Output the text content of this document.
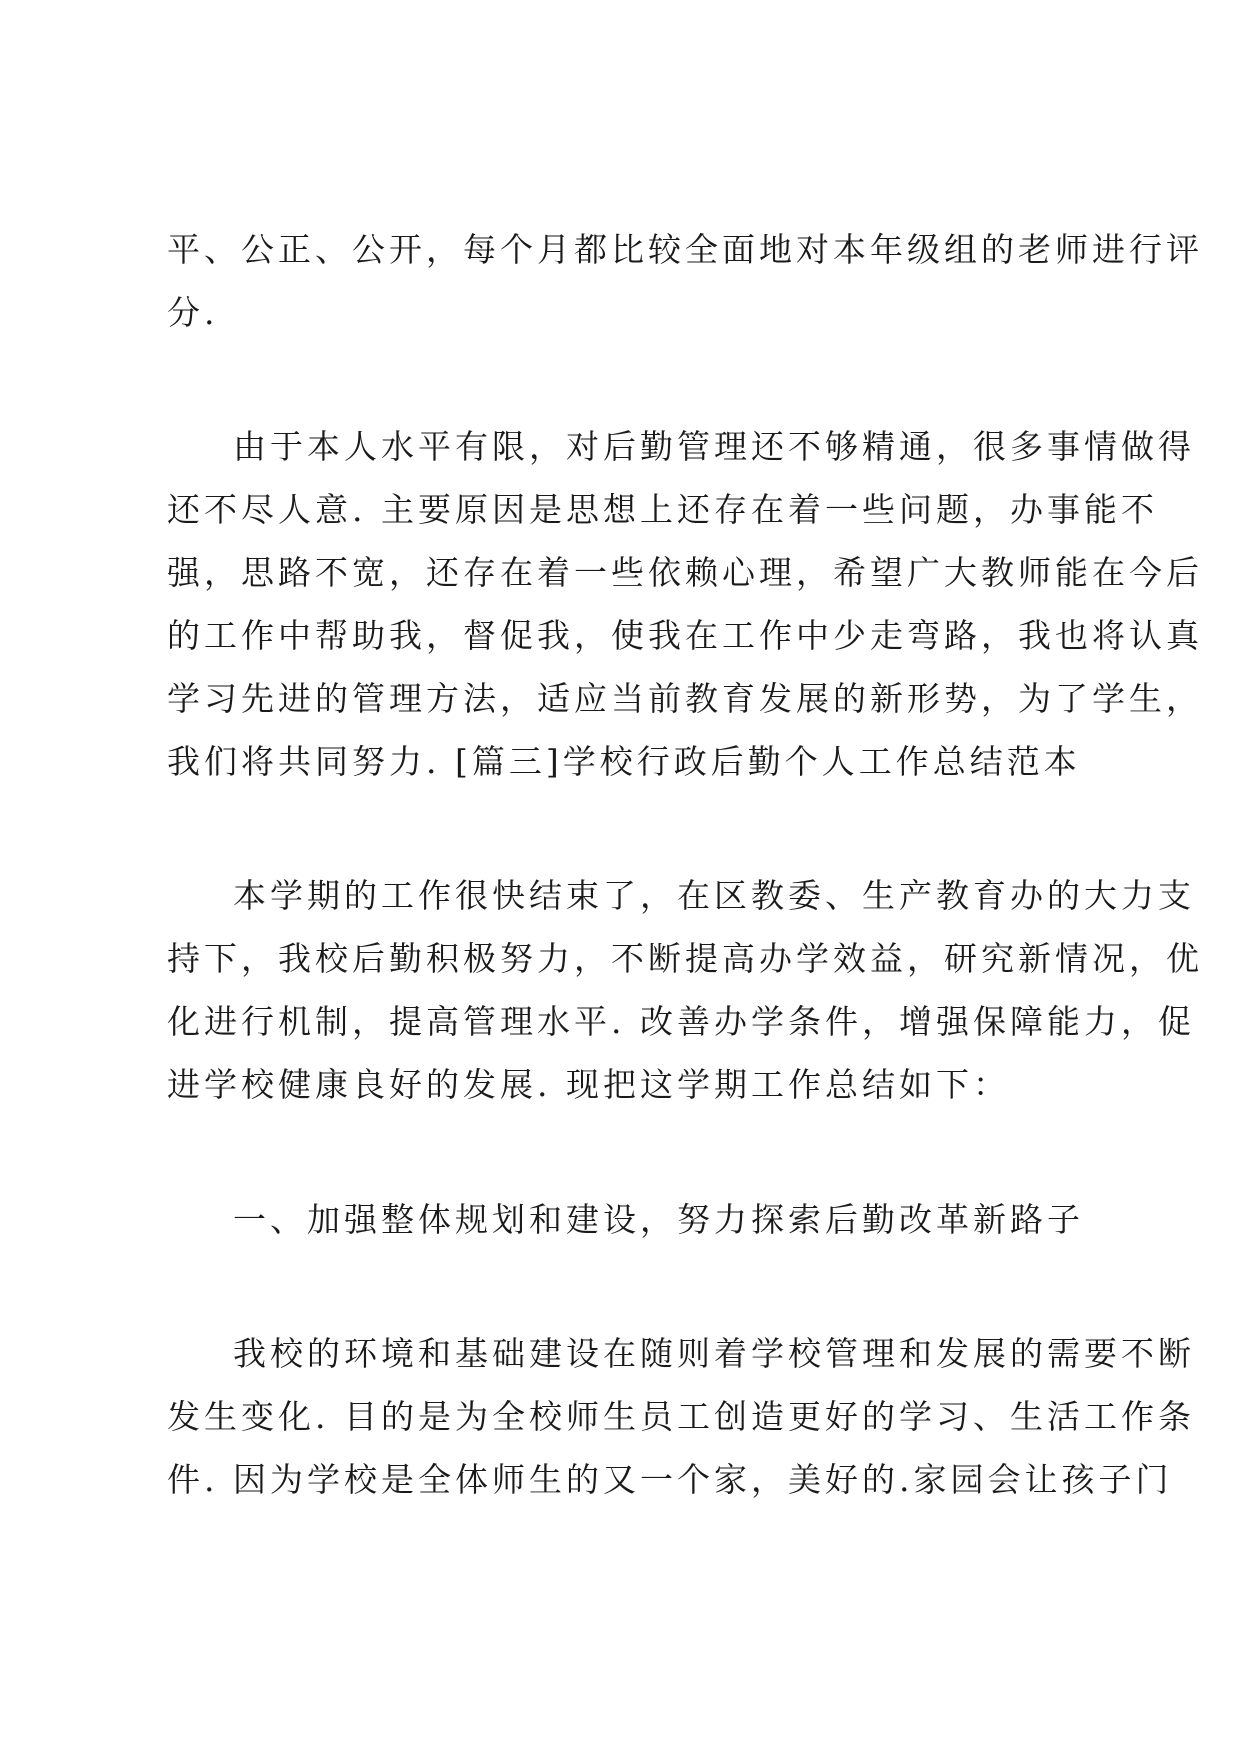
平、公正、公开，每个月都比较全面地对本年级组的老师进行评
分.

由于本人水平有限，对后勤管理还不够精通，很多事情做得
还不尽人意. 主要原因是思想上还存在着一些问题，办事能不
强，思路不宽，还存在着一些依赖心理，希望广大教师能在今后
的工作中帮助我，督促我，使我在工作中少走弯路，我也将认真
学习先进的管理方法，适应当前教育发展的新形势，为了学生，
我们将共同努力. [篇三]学校行政后勤个人工作总结范本

本学期的工作很快结束了，在区教委、生产教育办的大力支
持下，我校后勤积极努力，不断提高办学效益，研究新情况，优
化进行机制，提高管理水平. 改善办学条件，增强保障能力，促
进学校健康良好的发展. 现把这学期工作总结如下：

一、加强整体规划和建设，努力探索后勤改革新路子

我校的环境和基础建设在随则着学校管理和发展的需要不断
发生变化. 目的是为全校师生员工创造更好的学习、生活工作条
件. 因为学校是全体师生的又一个家，美好的.家园会让孩子门
